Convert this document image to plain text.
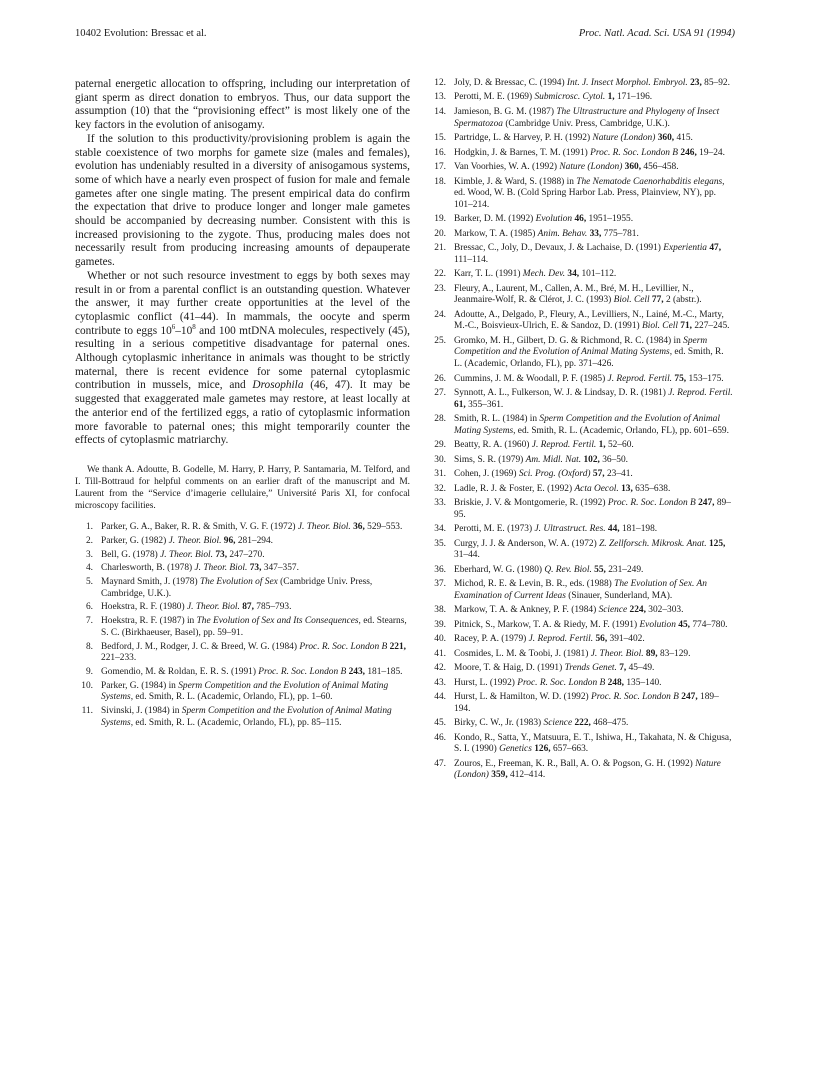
10402 Evolution: Bressac et al.	Proc. Natl. Acad. Sci. USA 91 (1994)

paternal energetic allocation to offspring, including our interpretation of giant sperm as direct donation to embryos. Thus, our data support the assumption (10) that the “provisioning effect” is most likely one of the key factors in the evolution of anisogamy.

If the solution to this productivity/provisioning problem is again the stable coexistence of two morphs for gamete size (males and females), evolution has undeniably resulted in a diversity of anisogamous systems, some of which have a nearly even prospect of fusion for male and female gametes after one single mating. The present empirical data do confirm the expectation that drive to produce longer and longer male gametes should be accompanied by decreasing number. Consistent with this is increased provisioning to the zygote. Thus, producing males does not necessarily result from producing increasing amounts of depauperate gametes.

Whether or not such resource investment to eggs by both sexes may result in or from a parental conflict is an outstanding question. Whatever the answer, it may further create opportunities at the level of the cytoplasmic conflict (41–44). In mammals, the oocyte and sperm contribute to eggs $10^6-10^8$ and 100 mtDNA molecules, respectively (45), resulting in a serious competitive disadvantage for paternal ones. Although cytoplasmic inheritance in animals was thought to be strictly maternal, there is recent evidence for some paternal cytoplasmic contribution in mussels, mice, and Drosophila (46, 47). It may be suggested that exaggerated male gametes may restore, at least locally at the anterior end of the fertilized eggs, a ratio of cytoplasmic information more favorable to paternal ones; this might temporarily counter the effects of cytoplasmic matriarchy.

We thank A. Adoutte, B. Godelle, M. Harry, P. Harry, P. Santamaria, M. Telford, and I. Till-Bottraud for helpful comments on an earlier draft of the manuscript and M. Laurent from the “Service d’imagerie cellulaire,” Université Paris XI, for confocal microscopy facilities.

1. Parker, G. A., Baker, R. R. & Smith, V. G. F. (1972) J. Theor. Biol. 36, 529–553.
2. Parker, G. (1982) J. Theor. Biol. 96, 281–294.
3. Bell, G. (1978) J. Theor. Biol. 73, 247–270.
4. Charlesworth, B. (1978) J. Theor. Biol. 73, 347–357.
5. Maynard Smith, J. (1978) The Evolution of Sex (Cambridge Univ. Press, Cambridge, U.K.).
6. Hoekstra, R. F. (1980) J. Theor. Biol. 87, 785–793.
7. Hoekstra, R. F. (1987) in The Evolution of Sex and Its Consequences, ed. Stearns, S. C. (Birkhaeuser, Basel), pp. 59–91.
8. Bedford, J. M., Rodger, J. C. & Breed, W. G. (1984) Proc. R. Soc. London B 221, 221–233.
9. Gomendio, M. & Roldan, E. R. S. (1991) Proc. R. Soc. London B 243, 181–185.
10. Parker, G. (1984) in Sperm Competition and the Evolution of Animal Mating Systems, ed. Smith, R. L. (Academic, Orlando, FL), pp. 1–60.
11. Sivinski, J. (1984) in Sperm Competition and the Evolution of Animal Mating Systems, ed. Smith, R. L. (Academic, Orlando, FL), pp. 85–115.
12. Joly, D. & Bressac, C. (1994) Int. J. Insect Morphol. Embryol. 23, 85–92.
13. Perotti, M. E. (1969) Submicrosc. Cytol. 1, 171–196.
14. Jamieson, B. G. M. (1987) The Ultrastructure and Phylogeny of Insect Spermatozoa (Cambridge Univ. Press, Cambridge, U.K.).
15. Partridge, L. & Harvey, P. H. (1992) Nature (London) 360, 415.
16. Hodgkin, J. & Barnes, T. M. (1991) Proc. R. Soc. London B 246, 19–24.
17. Van Voorhies, W. A. (1992) Nature (London) 360, 456–458.
18. Kimble, J. & Ward, S. (1988) in The Nematode Caenorhabditis elegans, ed. Wood, W. B. (Cold Spring Harbor Lab. Press, Plainview, NY), pp. 101–214.
19. Barker, D. M. (1992) Evolution 46, 1951–1955.
20. Markow, T. A. (1985) Anim. Behav. 33, 775–781.
21. Bressac, C., Joly, D., Devaux, J. & Lachaise, D. (1991) Experientia 47, 111–114.
22. Karr, T. L. (1991) Mech. Dev. 34, 101–112.
23. Fleury, A., Laurent, M., Callen, A. M., Bré, M. H., Levillier, N., Jeanmaire-Wolf, R. & Clérot, J. C. (1993) Biol. Cell 77, 2 (abstr.).
24. Adoutte, A., Delgado, P., Fleury, A., Levilliers, N., Lainé, M.-C., Marty, M.-C., Boisvieux-Ulrich, E. & Sandoz, D. (1991) Biol. Cell 71, 227–245.
25. Gromko, M. H., Gilbert, D. G. & Richmond, R. C. (1984) in Sperm Competition and the Evolution of Animal Mating Systems, ed. Smith, R. L. (Academic, Orlando, FL), pp. 371–426.
26. Cummins, J. M. & Woodall, P. F. (1985) J. Reprod. Fertil. 75, 153–175.
27. Synnott, A. L., Fulkerson, W. J. & Lindsay, D. R. (1981) J. Reprod. Fertil. 61, 355–361.
28. Smith, R. L. (1984) in Sperm Competition and the Evolution of Animal Mating Systems, ed. Smith, R. L. (Academic, Orlando, FL), pp. 601–659.
29. Beatty, R. A. (1960) J. Reprod. Fertil. 1, 52–60.
30. Sims, S. R. (1979) Am. Midl. Nat. 102, 36–50.
31. Cohen, J. (1969) Sci. Prog. (Oxford) 57, 23–41.
32. Ladle, R. J. & Foster, E. (1992) Acta Oecol. 13, 635–638.
33. Briskie, J. V. & Montgomerie, R. (1992) Proc. R. Soc. London B 247, 89–95.
34. Perotti, M. E. (1973) J. Ultrastruct. Res. 44, 181–198.
35. Curgy, J. J. & Anderson, W. A. (1972) Z. Zellforsch. Mikrosk. Anat. 125, 31–44.
36. Eberhard, W. G. (1980) Q. Rev. Biol. 55, 231–249.
37. Michod, R. E. & Levin, B. R., eds. (1988) The Evolution of Sex. An Examination of Current Ideas (Sinauer, Sunderland, MA).
38. Markow, T. A. & Ankney, P. F. (1984) Science 224, 302–303.
39. Pitnick, S., Markow, T. A. & Riedy, M. F. (1991) Evolution 45, 774–780.
40. Racey, P. A. (1979) J. Reprod. Fertil. 56, 391–402.
41. Cosmides, L. M. & Toobi, J. (1981) J. Theor. Biol. 89, 83–129.
42. Moore, T. & Haig, D. (1991) Trends Genet. 7, 45–49.
43. Hurst, L. (1992) Proc. R. Soc. London B 248, 135–140.
44. Hurst, L. & Hamilton, W. D. (1992) Proc. R. Soc. London B 247, 189–194.
45. Birky, C. W., Jr. (1983) Science 222, 468–475.
46. Kondo, R., Satta, Y., Matsuura, E. T., Ishiwa, H., Takahata, N. & Chigusa, S. I. (1990) Genetics 126, 657–663.
47. Zouros, E., Freeman, K. R., Ball, A. O. & Pogson, G. H. (1992) Nature (London) 359, 412–414.
